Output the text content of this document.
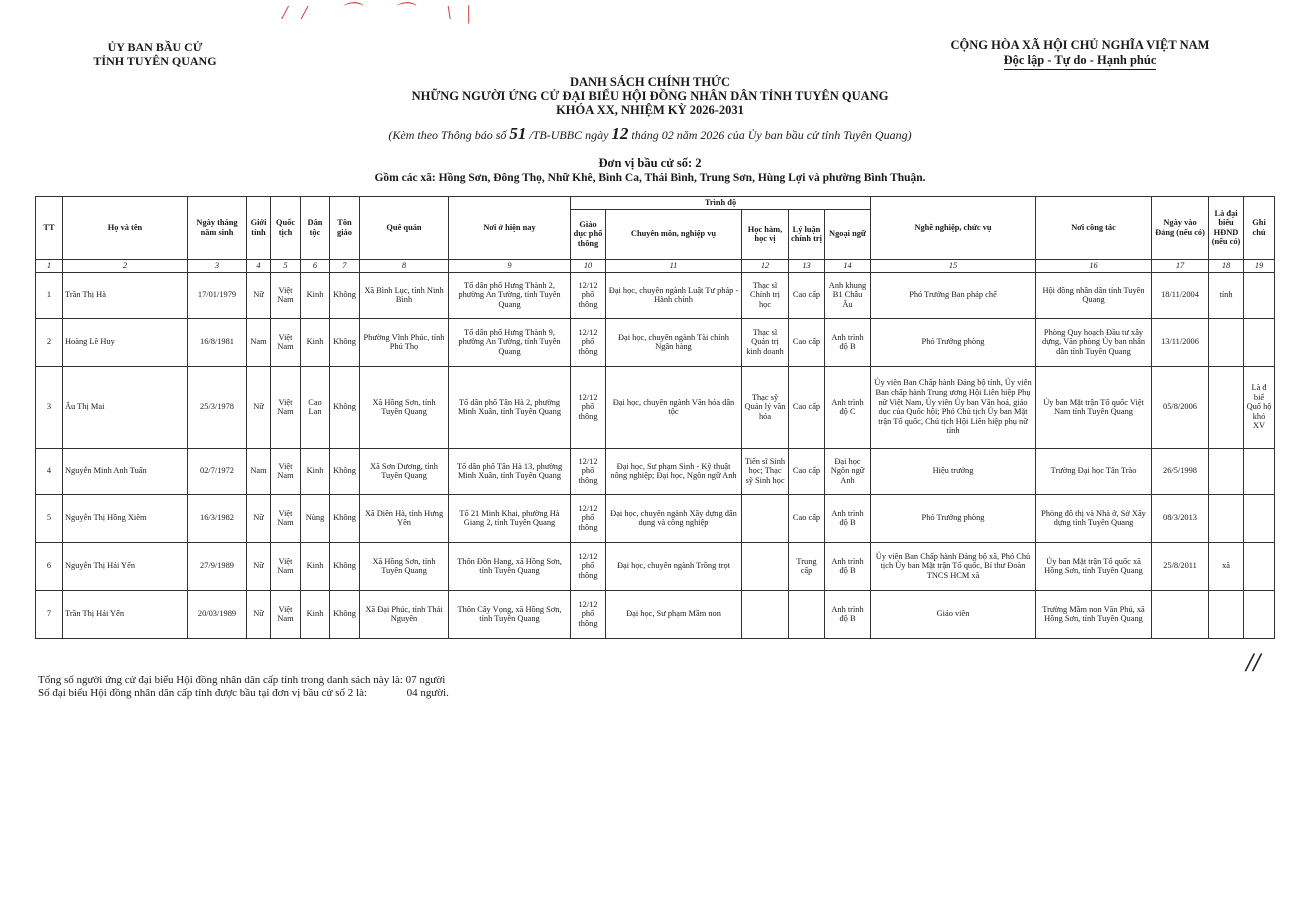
// ⌒ ⌒ \|
ỦY BAN BẦU CỬ
TỈNH TUYÊN QUANG
CỘNG HÒA XÃ HỘI CHỦ NGHĨA VIỆT NAM
Độc lập - Tự do - Hạnh phúc
DANH SÁCH CHÍNH THỨC
NHỮNG NGƯỜI ỨNG CỬ ĐẠI BIỂU HỘI ĐỒNG NHÂN DÂN TỈNH TUYÊN QUANG
KHÓA XX, NHIỆM KỲ 2026-2031
(Kèm theo Thông báo số 51 /TB-UBBC ngày 12 tháng 02 năm 2026 của Ủy ban bầu cử tỉnh Tuyên Quang)
Đơn vị bầu cử số: 2
Gồm các xã: Hồng Sơn, Đông Thọ, Nhữ Khê, Bình Ca, Thái Bình, Trung Sơn, Hùng Lợi và phường Bình Thuận.
TT	Họ và tên	Ngày tháng năm sinh	Giới tính	Quốc tịch	Dân tộc	Tôn giáo	Quê quán	Nơi ở hiện nay	Trình độ					Nghề nghiệp, chức vụ	Nơi công tác	Ngày vào Đảng (nếu có)	Là đại biểu HĐND (nếu có)	Ghi chú
									Giáo dục phổ thông	Chuyên môn, nghiệp vụ	Học hàm, học vị	Lý luận chính trị	Ngoại ngữ					
1	2	3	4	5	6	7	8	9	10	11	12	13	14	15	16	17	18	19
1	Trần Thị Hà	17/01/1979	Nữ	Việt Nam	Kinh	Không	Xã Bình Lục, tỉnh Ninh Bình	Tổ dân phố Hưng Thành 2, phường An Tường, tỉnh Tuyên Quang	12/12 phổ thông	Đại học, chuyên ngành Luật Tư pháp - Hành chính	Thạc sĩ Chính trị học	Cao cấp	Anh khung B1 Châu Âu	Phó Trưởng Ban pháp chế	Hội đồng nhân dân tỉnh Tuyên Quang	18/11/2004	tỉnh	
2	Hoàng Lê Huy	16/8/1981	Nam	Việt Nam	Kinh	Không	Phường Vĩnh Phúc, tỉnh Phú Thọ	Tổ dân phố Hưng Thành 9, phường An Tường, tỉnh Tuyên Quang	12/12 phổ thông	Đại học, chuyên ngành Tài chính Ngân hàng	Thạc sĩ Quản trị kinh doanh	Cao cấp	Anh trình độ B	Phó Trưởng phòng	Phòng Quy hoạch Đầu tư xây dựng, Văn phòng Ủy ban nhân dân tỉnh Tuyên Quang	13/11/2006		
3	Âu Thị Mai	25/3/1978	Nữ	Việt Nam	Cao Lan	Không	Xã Hồng Sơn, tỉnh Tuyên Quang	Tổ dân phố Tân Hà 2, phường Minh Xuân, tỉnh Tuyên Quang	12/12 phổ thông	Đại học, chuyên ngành Văn hóa dân tộc	Thạc sỹ Quản lý văn hóa	Cao cấp	Anh trình độ C	Ủy viên Ban Chấp hành Đảng bộ tỉnh, Ủy viên Ban chấp hành Trung ương Hội Liên hiệp Phụ nữ Việt Nam, Ủy viên Ủy ban Văn hoá, giáo dục của Quốc hội; Phó Chủ tịch Ủy ban Mặt trận Tổ quốc, Chủ tịch Hội Liên hiệp phụ nữ tỉnh	Ủy ban Mặt trận Tổ quốc Việt Nam tỉnh Tuyên Quang	05/8/2006		Là đ biể Quố hộ khó XV
4	Nguyễn Minh Anh Tuấn	02/7/1972	Nam	Việt Nam	Kinh	Không	Xã Sơn Dương, tỉnh Tuyên Quang	Tổ dân phố Tân Hà 13, phường Minh Xuân, tỉnh Tuyên Quang	12/12 phổ thông	Đại học, Sư phạm Sinh - Kỹ thuật nông nghiệp; Đại học, Ngôn ngữ Anh	Tiến sĩ Sinh học; Thạc sỹ Sinh học	Cao cấp	Đại học Ngôn ngữ Anh	Hiệu trưởng	Trường Đại học Tân Trào	26/5/1998		
5	Nguyễn Thị Hồng Xiêm	16/3/1982	Nữ	Việt Nam	Nùng	Không	Xã Diên Hà, tỉnh Hưng Yên	Tổ 21 Minh Khai, phường Hà Giang 2, tỉnh Tuyên Quang	12/12 phổ thông	Đại học, chuyên ngành Xây dựng dân dụng và công nghiệp		Cao cấp	Anh trình độ B	Phó Trưởng phòng	Phòng đô thị và Nhà ở, Sở Xây dựng tỉnh Tuyên Quang	08/3/2013		
6	Nguyễn Thị Hải Yến	27/9/1989	Nữ	Việt Nam	Kinh	Không	Xã Hồng Sơn, tỉnh Tuyên Quang	Thôn Đồn Hang, xã Hồng Sơn, tỉnh Tuyên Quang	12/12 phổ thông	Đại học, chuyên ngành Trồng trọt		Trung cấp	Anh trình độ B	Ủy viên Ban Chấp hành Đảng bộ xã, Phó Chủ tịch Ủy ban Mặt trận Tổ quốc, Bí thư Đoàn TNCS HCM xã	Ủy ban Mặt trận Tổ quốc xã Hồng Sơn, tỉnh Tuyên Quang	25/8/2011	xã	
7	Trần Thị Hải Yến	20/03/1989	Nữ	Việt Nam	Kinh	Không	Xã Đại Phúc, tỉnh Thái Nguyên	Thôn Cây Vọng, xã Hồng Sơn, tỉnh Tuyên Quang	12/12 phổ thông	Đại học, Sư phạm Mầm non			Anh trình độ B	Giáo viên	Trường Mầm non Văn Phú, xã Hồng Sơn, tỉnh Tuyên Quang			
//
Tổng số người ứng cử đại biểu Hội đồng nhân dân cấp tỉnh trong danh sách này là: 07 người
Số đại biểu Hội đồng nhân dân cấp tỉnh được bầu tại đơn vị bầu cử số 2 là:	04 người.
